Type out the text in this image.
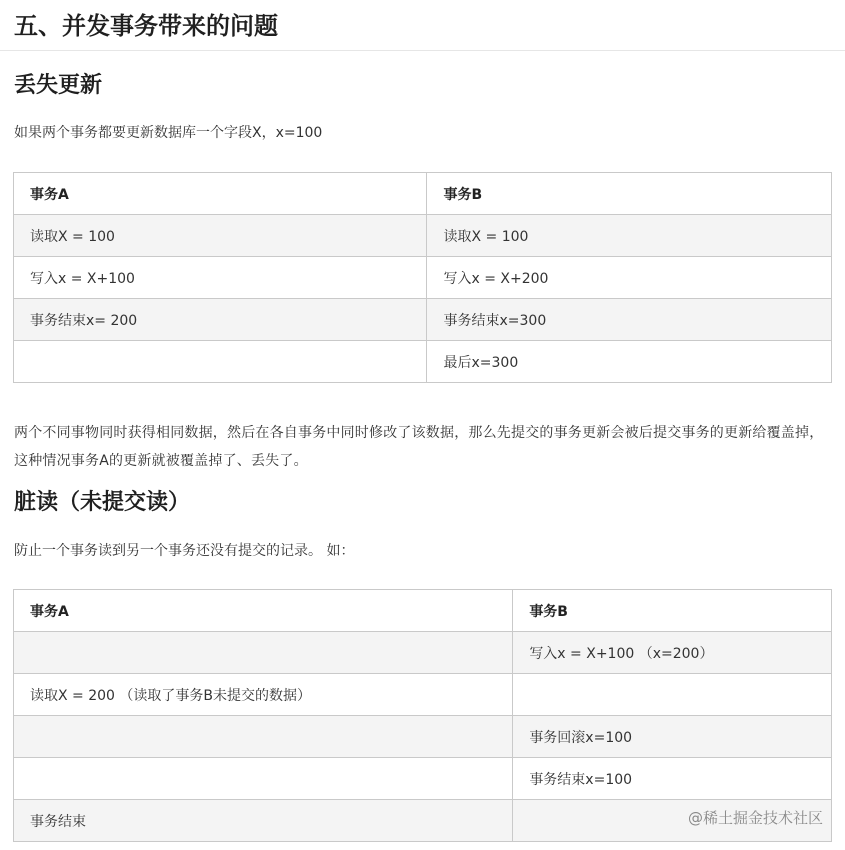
五、并发事务带来的问题
丢失更新
如果两个事务都要更新数据库一个字段X，x=100
事务A	事务B
读取X = 100	读取X = 100
写入x = X+100	写入x = X+200
事务结束x= 200	事务结束x=300
	最后x=300
两个不同事物同时获得相同数据，然后在各自事务中同时修改了该数据，那么先提交的事务更新会被后提交事务的更新给覆盖掉，这种情况事务A的更新就被覆盖掉了、丢失了。
脏读（未提交读）
防止一个事务读到另一个事务还没有提交的记录。 如：
事务A	事务B
	写入x = X+100 （x=200）
读取X = 200 （读取了事务B未提交的数据）	
	事务回滚x=100
	事务结束x=100
事务结束		@稀土掘金技术社区
